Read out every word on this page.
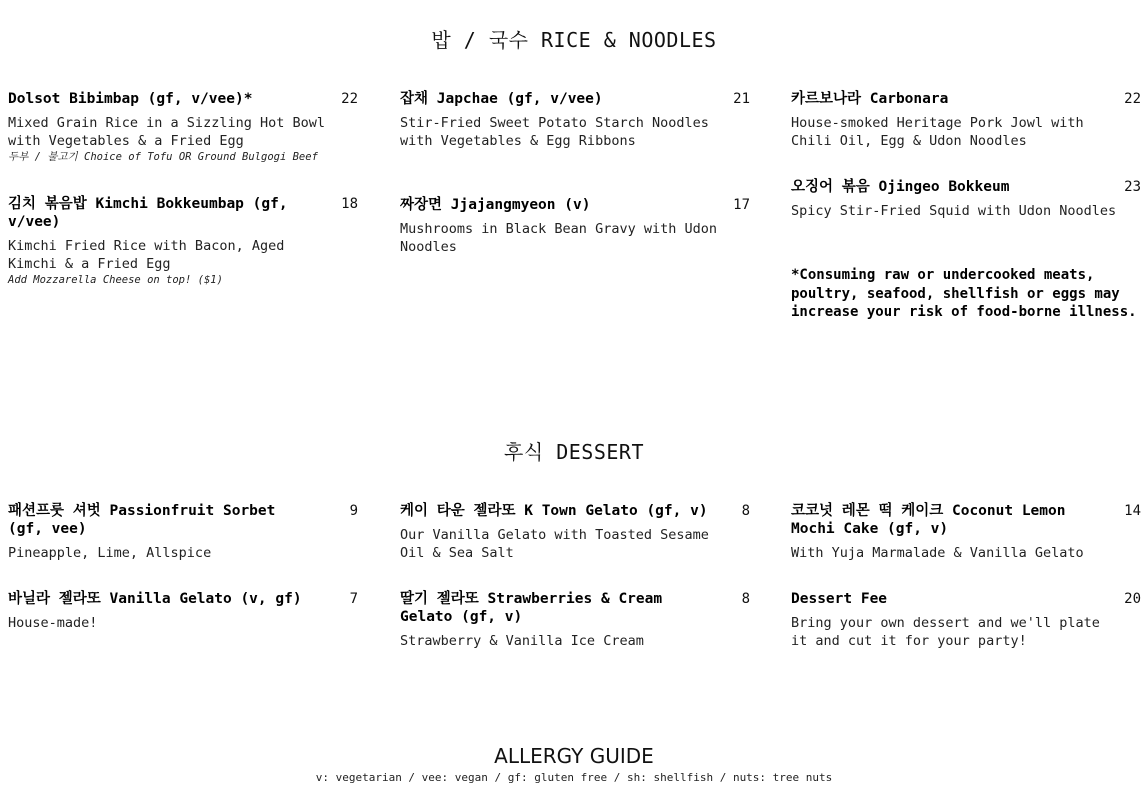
밥 / 국수 RICE & NOODLES
Dolsot Bibimbap (gf, v/vee)*	22
Mixed Grain Rice in a Sizzling Hot Bowl with Vegetables & a Fried Egg
두부 / 불고기 Choice of Tofu OR Ground Bulgogi Beef
김치 볶음밥 Kimchi Bokkeumbap (gf, v/vee)
18
Kimchi Fried Rice with Bacon, Aged Kimchi & a Fried Egg
Add Mozzarella Cheese on top! ($1)
잡채 Japchae (gf, v/vee)	21
Stir-Fried Sweet Potato Starch Noodles with Vegetables & Egg Ribbons
짜장면 Jjajangmyeon (v)	17
Mushrooms in Black Bean Gravy with Udon Noodles
카르보나라 Carbonara	22
House-smoked Heritage Pork Jowl with Chili Oil, Egg & Udon Noodles
오징어 볶음 Ojingeo Bokkeum	23
Spicy Stir-Fried Squid with Udon Noodles
*Consuming raw or undercooked meats, poultry, seafood, shellfish or eggs may increase your risk of food-borne illness.
후식 DESSERT
패션프룻 셔벗 Passionfruit Sorbet (gf, vee)
9
Pineapple, Lime, Allspice
바닐라 젤라또 Vanilla Gelato (v, gf)	7
House-made!
케이 타운 젤라또 K Town Gelato (gf, v)	8
Our Vanilla Gelato with Toasted Sesame Oil & Sea Salt
딸기 젤라또 Strawberries & Cream Gelato (gf, v)
8
Strawberry & Vanilla Ice Cream
코코넛 레몬 떡 케이크 Coconut Lemon Mochi Cake (gf, v)
14
With Yuja Marmalade & Vanilla Gelato
Dessert Fee	20
Bring your own dessert and we'll plate it and cut it for your party!
ALLERGY GUIDE
v: vegetarian / vee: vegan / gf: gluten free / sh: shellfish / nuts: tree nuts
